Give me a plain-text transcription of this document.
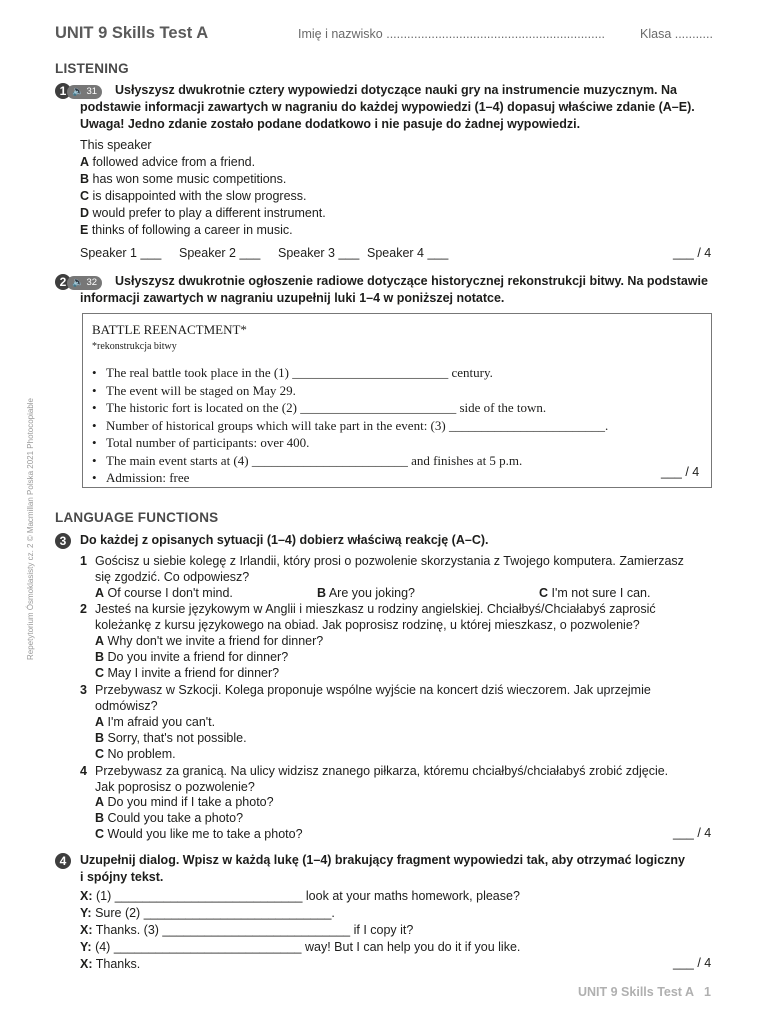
UNIT 9 Skills Test A	Imię i nazwisko ...............................................................	Klasa ...........
Repetytorium Ósmoklasisty cz. 2 © Macmillan Polska 2021 Photocopiable
LISTENING
1 🔈 31	Usłyszysz dwukrotnie cztery wypowiedzi dotyczące nauki gry na instrumencie muzycznym. Na
podstawie informacji zawartych w nagraniu do każdej wypowiedzi (1–4) dopasuj właściwe zdanie (A–E).
Uwaga! Jedno zdanie zostało podane dodatkowo i nie pasuje do żadnej wypowiedzi.
This speaker
A followed advice from a friend.
B has won some music competitions.
C is disappointed with the slow progress.
D would prefer to play a different instrument.
E thinks of following a career in music.
Speaker 1 ___ Speaker 2 ___ Speaker 3 ___ Speaker 4 ___	___ / 4
2 🔈 32	Usłyszysz dwukrotnie ogłoszenie radiowe dotyczące historycznej rekonstrukcji bitwy. Na podstawie
informacji zawartych w nagraniu uzupełnij luki 1–4 w poniższej notatce.
BATTLE REENACTMENT*
*rekonstrukcja bitwy
• The real battle took place in the (1) ________________________ century.
• The event will be staged on May 29.
• The historic fort is located on the (2) ________________________ side of the town.
• Number of historical groups which will take part in the event: (3) ________________________.
• Total number of participants: over 400.
• The main event starts at (4) ________________________ and finishes at 5 p.m.
• Admission: free	___ / 4
LANGUAGE FUNCTIONS
3	Do każdej z opisanych sytuacji (1–4) dobierz właściwą reakcję (A–C).
1 Gościsz u siebie kolegę z Irlandii, który prosi o pozwolenie skorzystania z Twojego komputera. Zamierzasz
się zgodzić. Co odpowiesz?
A Of course I don't mind.	B Are you joking?	C I'm not sure I can.
2 Jesteś na kursie językowym w Anglii i mieszkasz u rodziny angielskiej. Chciałbyś/Chciałabyś zaprosić
koleżankę z kursu językowego na obiad. Jak poprosisz rodzinę, u której mieszkasz, o pozwolenie?
A Why don't we invite a friend for dinner?
B Do you invite a friend for dinner?
C May I invite a friend for dinner?
3 Przebywasz w Szkocji. Kolega proponuje wspólne wyjście na koncert dziś wieczorem. Jak uprzejmie
odmówisz?
A I'm afraid you can't.
B Sorry, that's not possible.
C No problem.
4 Przebywasz za granicą. Na ulicy widzisz znanego piłkarza, któremu chciałbyś/chciałabyś zrobić zdjęcie.
Jak poprosisz o pozwolenie?
A Do you mind if I take a photo?
B Could you take a photo?
C Would you like me to take a photo?	___ / 4
4	Uzupełnij dialog. Wpisz w każdą lukę (1–4) brakujący fragment wypowiedzi tak, aby otrzymać logiczny
i spójny tekst.
X: (1) ___________________________ look at your maths homework, please?
Y: Sure (2) ___________________________.
X: Thanks. (3) ___________________________ if I copy it?
Y: (4) ___________________________ way! But I can help you do it if you like.
X: Thanks.	___ / 4
UNIT 9 Skills Test A   1
